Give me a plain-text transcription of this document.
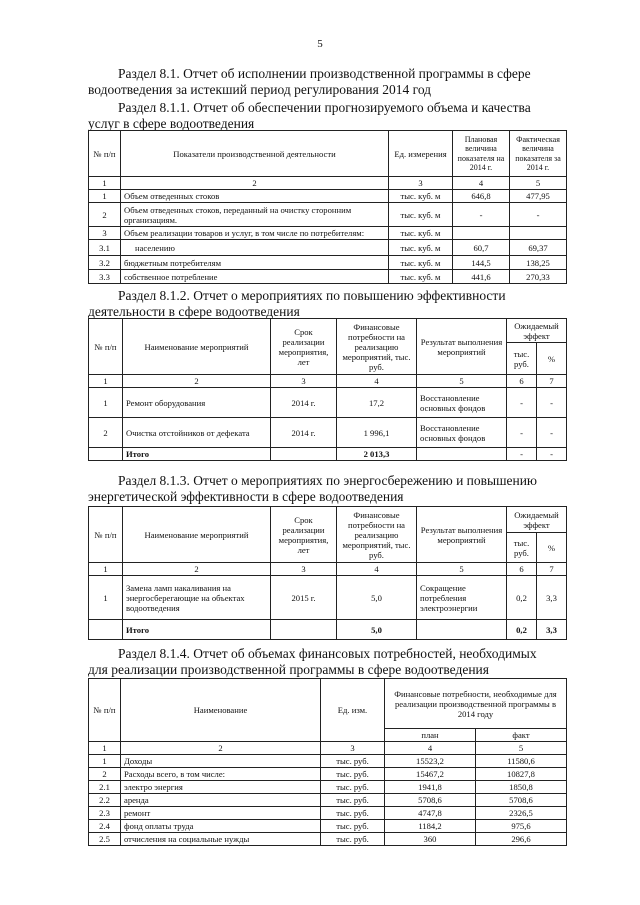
5
Раздел 8.1. Отчет об исполнении производственной программы в сфере
водоотведения за истекший период регулирования 2014 год
Раздел 8.1.1. Отчет об обеспечении прогнозируемого объема и качества
услуг в сфере водоотведения
№ п/п	Показатели производственной деятельности	Ед. измерения	Плановая величина показателя на 2014 г.	Фактическая величина показателя за 2014 г.
1	2	3	4	5
1	Объем отведенных стоков	тыс. куб. м	646,8	477,95
2	Объем отведенных стоков, переданный на очистку сторонним организациям.	тыс. куб. м	-	-
3	Объем реализации товаров и услуг, в том числе по потребителям:	тыс. куб. м		
3.1	населению	тыс. куб. м	60,7	69,37
3.2	бюджетным потребителям	тыс. куб. м	144,5	138,25
3.3	собственное потребление	тыс. куб. м	441,6	270,33
Раздел 8.1.2. Отчет о мероприятиях по повышению эффективности
деятельности в сфере водоотведения
№ п/п	Наименование мероприятий	Срок реализации мероприятия, лет	Финансовые потребности на реализацию мероприятий, тыс. руб.	Результат выполнения мероприятий	Ожидаемый эффект	
					тыс. руб.	%
1	2	3	4	5	6	7
1	Ремонт оборудования	2014 г.	17,2	Восстановление основных фондов	-	-
2	Очистка отстойников от дефеката	2014 г.	1 996,1	Восстановление основных фондов	-	-
	Итого		2 013,3		-	-
Раздел 8.1.3. Отчет о мероприятиях по энергосбережению и повышению
энергетической эффективности в сфере водоотведения
№ п/п	Наименование мероприятий	Срок реализации мероприятия, лет	Финансовые потребности на реализацию мероприятий, тыс. руб.	Результат выполнения мероприятий	Ожидаемый эффект	
					тыс. руб.	%
1	2	3	4	5	6	7
1	Замена ламп накаливания на энергосберегающие на объектах водоотведения	2015 г.	5,0	Сокращение потребления электроэнергии	0,2	3,3
	Итого		5,0		0,2	3,3
Раздел 8.1.4. Отчет об объемах финансовых потребностей, необходимых
для реализации производственной программы в сфере водоотведения
№ п/п	Наименование	Ед. изм.	Финансовые потребности, необходимые для реализации производственной программы в 2014 году	
			план	факт
1	2	3	4	5
1	Доходы	тыс. руб.	15523,2	11580,6
2	Расходы всего, в том числе:	тыс. руб.	15467,2	10827,8
2.1	электро энергия	тыс. руб.	1941,8	1850,8
2.2	аренда	тыс. руб.	5708,6	5708,6
2.3	ремонт	тыс. руб.	4747,8	2326,5
2.4	фонд оплаты труда	тыс. руб.	1184,2	975,6
2.5	отчисления на социальные нужды	тыс. руб.	360	296,6
